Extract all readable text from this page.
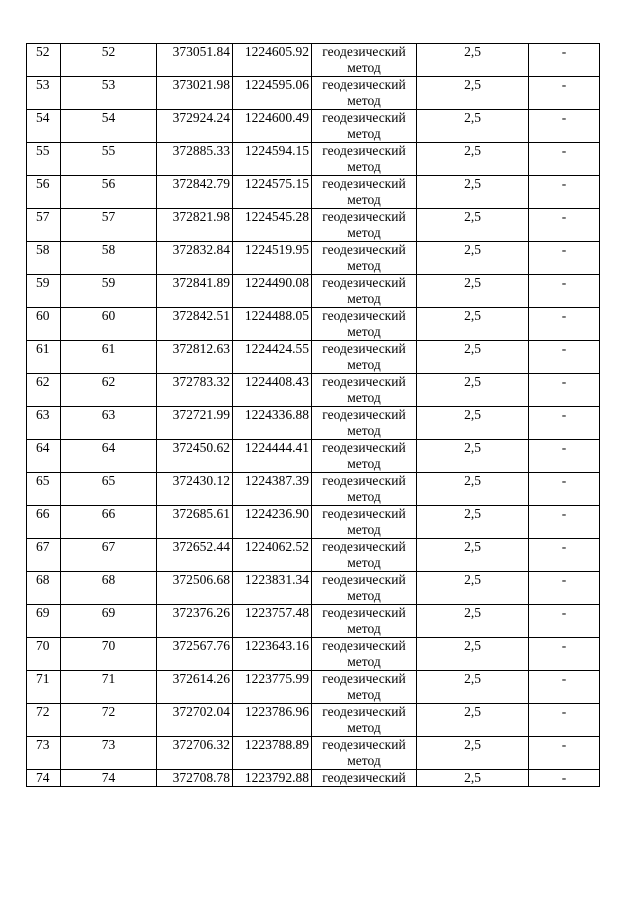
52	52	373051.84	1224605.92	геодезический метод	2,5	-

53	53	373021.98	1224595.06	геодезический метод	2,5	-

54	54	372924.24	1224600.49	геодезический метод	2,5	-

55	55	372885.33	1224594.15	геодезический метод	2,5	-

56	56	372842.79	1224575.15	геодезический метод	2,5	-

57	57	372821.98	1224545.28	геодезический метод	2,5	-

58	58	372832.84	1224519.95	геодезический метод	2,5	-

59	59	372841.89	1224490.08	геодезический метод	2,5	-

60	60	372842.51	1224488.05	геодезический метод	2,5	-

61	61	372812.63	1224424.55	геодезический метод	2,5	-

62	62	372783.32	1224408.43	геодезический метод	2,5	-

63	63	372721.99	1224336.88	геодезический метод	2,5	-

64	64	372450.62	1224444.41	геодезический метод	2,5	-

65	65	372430.12	1224387.39	геодезический метод	2,5	-

66	66	372685.61	1224236.90	геодезический метод	2,5	-

67	67	372652.44	1224062.52	геодезический метод	2,5	-

68	68	372506.68	1223831.34	геодезический метод	2,5	-

69	69	372376.26	1223757.48	геодезический метод	2,5	-

70	70	372567.76	1223643.16	геодезический метод	2,5	-

71	71	372614.26	1223775.99	геодезический метод	2,5	-

72	72	372702.04	1223786.96	геодезический метод	2,5	-

73	73	372706.32	1223788.89	геодезический метод	2,5	-

74	74	372708.78	1223792.88	геодезический	2,5	-
